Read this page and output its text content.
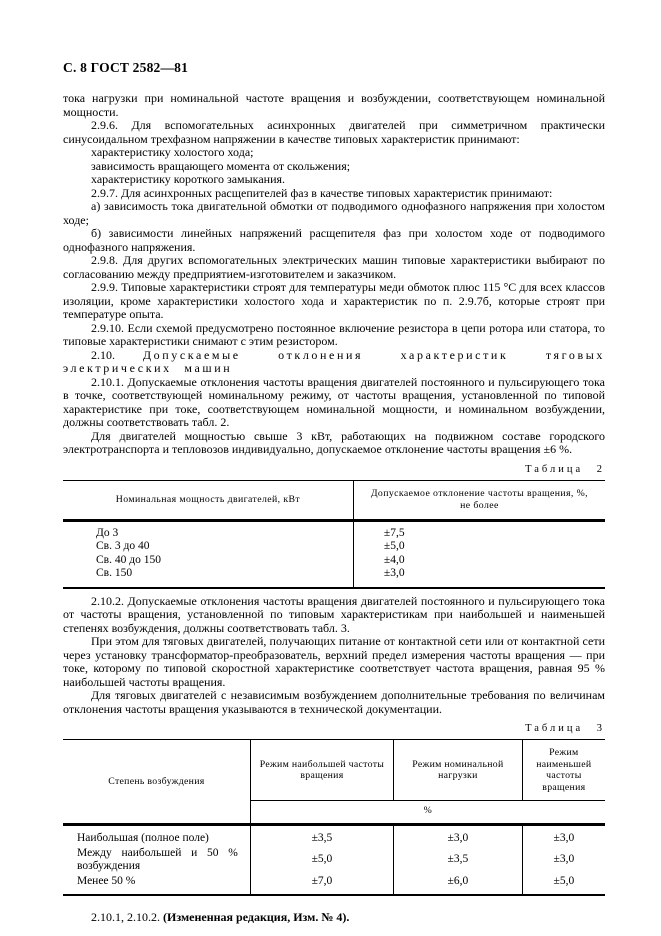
С. 8 ГОСТ 2582—81

тока нагрузки при номинальной частоте вращения и возбуждении, соответствующем номинальной мощности.

2.9.6. Для вспомогательных асинхронных двигателей при симметричном практически синусоидальном трехфазном напряжении в качестве типовых характеристик принимают:

характеристику холостого хода;

зависимость вращающего момента от скольжения;

характеристику короткого замыкания.

2.9.7. Для асинхронных расщепителей фаз в качестве типовых характеристик принимают:

а) зависимость тока двигательной обмотки от подводимого однофазного напряжения при холостом ходе;

б) зависимости линейных напряжений расщепителя фаз при холостом ходе от подводимого однофазного напряжения.

2.9.8. Для других вспомогательных электрических машин типовые характеристики выбирают по согласованию между предприятием-изготовителем и заказчиком.

2.9.9. Типовые характеристики строят для температуры меди обмоток плюс 115 °С для всех классов изоляции, кроме характеристики холостого хода и характеристик по п. 2.9.7б, которые строят при температуре опыта.

2.9.10. Если схемой предусмотрено постоянное включение резистора в цепи ротора или статора, то типовые характеристики снимают с этим резистором.

2.10. Допускаемые отклонения характеристик тяговых электрических машин

2.10.1. Допускаемые отклонения частоты вращения двигателей постоянного и пульсирующего тока в точке, соответствующей номинальному режиму, от частоты вращения, установленной по типовой характеристике при токе, соответствующем номинальной мощности, и номинальном возбуждении, должны соответствовать табл. 2.

Для двигателей мощностью свыше 3 кВт, работающих на подвижном составе городского электротранспорта и тепловозов индивидуально, допускаемое отклонение частоты вращения ±6 %.

Таблица 2
Номинальная мощность двигателей, кВт	Допускаемое отклонение частоты вращения, %,
не более

До 3	±7,5
Св. 3 до 40	±5,0
Св. 40 до 150	±4,0
Св. 150	±3,0

2.10.2. Допускаемые отклонения частоты вращения двигателей постоянного и пульсирующего тока от частоты вращения, установленной по типовым характеристикам при наибольшей и наименьшей степенях возбуждения, должны соответствовать табл. 3.

При этом для тяговых двигателей, получающих питание от контактной сети или от контактной сети через установку трансформатор-преобразователь, верхний предел измерения частоты вращения — при токе, которому по типовой скоростной характеристике соответствует частота вращения, равная 95 % наибольшей частоты вращения.

Для тяговых двигателей с независимым возбуждением дополнительные требования по величинам отклонения частоты вращения указываются в технической документации.

Таблица 3
Степень возбуждения	Режим наибольшей частоты вращения	Режим номинальной нагрузки	Режим наименьшей частоты вращения
	%		
Наибольшая (полное поле)	±3,5	±3,0	±3,0
Между наибольшей и 50 % возбуждения	±5,0	±3,5	±3,0
Менее 50 %	±7,0	±6,0	±5,0

2.10.1, 2.10.2. (Измененная редакция, Изм. № 4).
